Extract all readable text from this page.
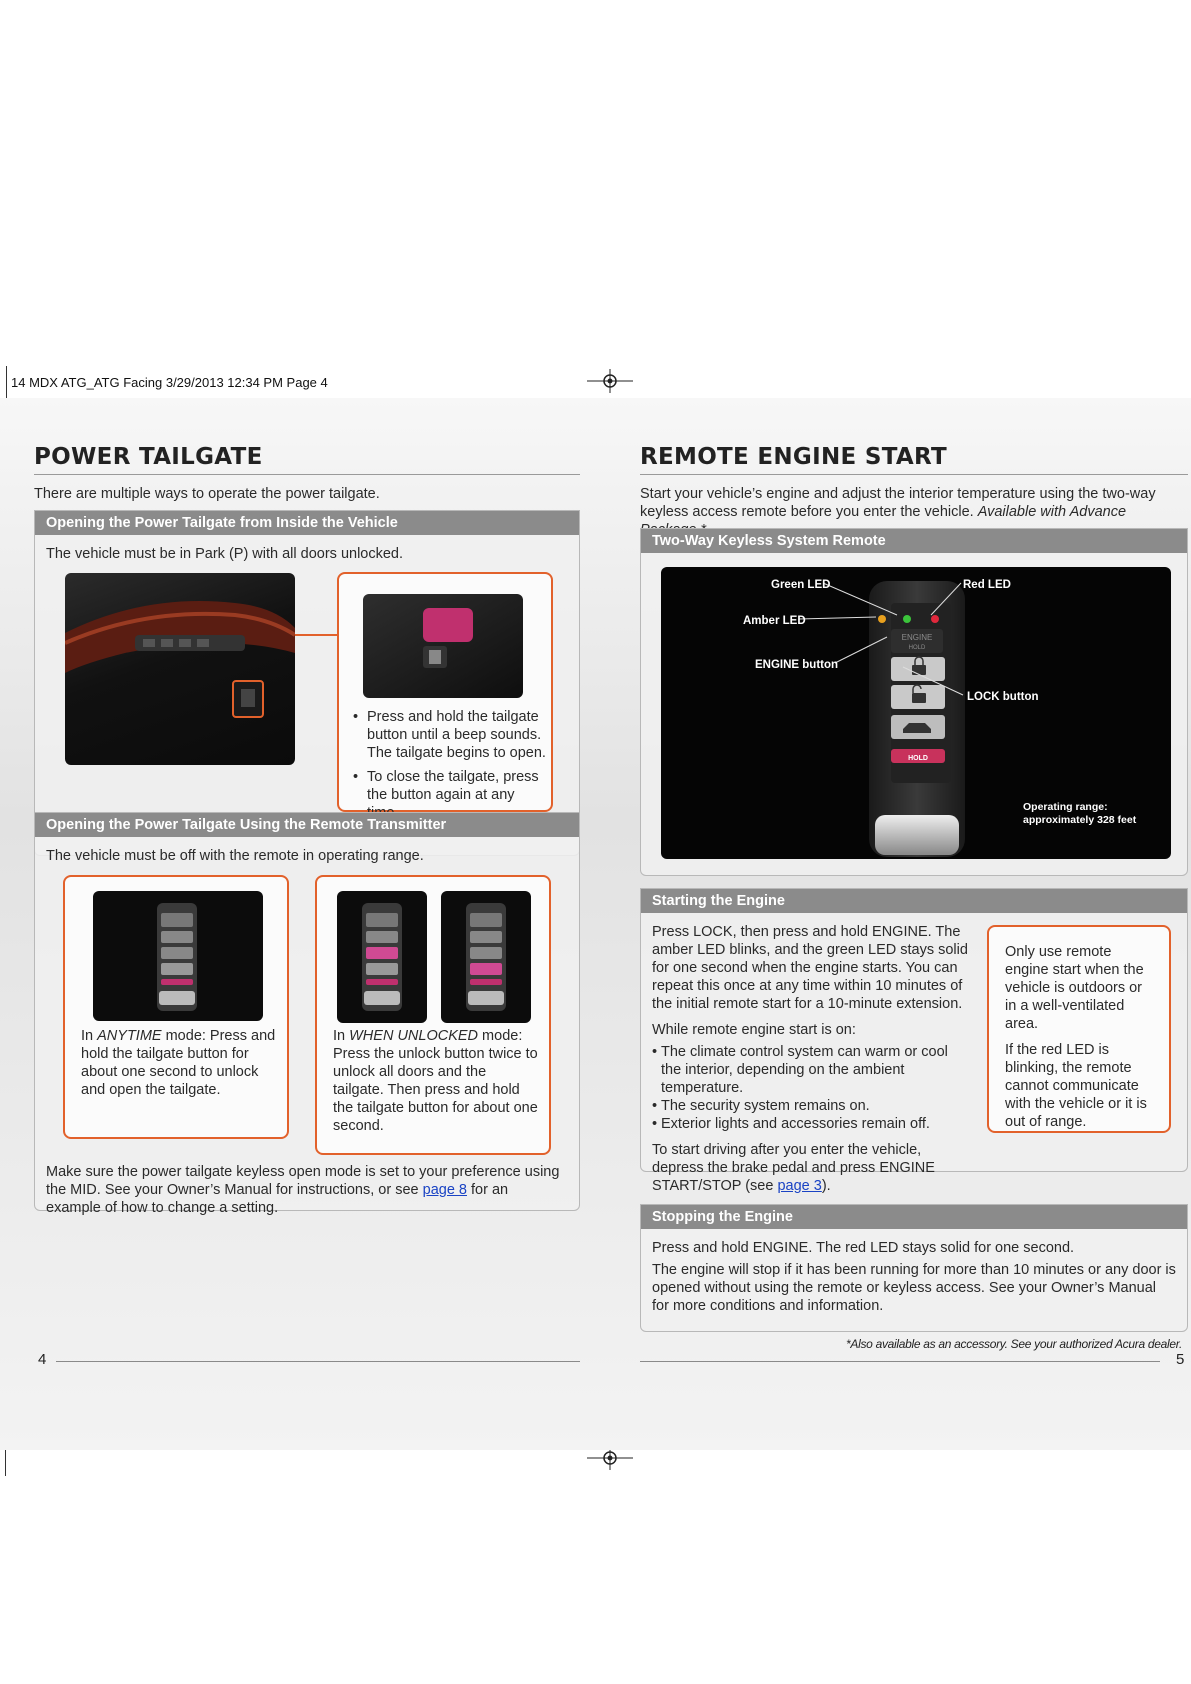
14 MDX ATG_ATG Facing 3/29/2013 12:34 PM Page 4
POWER TAILGATE

There are multiple ways to operate the power tailgate.

Opening the Power Tailgate from Inside the Vehicle

The vehicle must be in Park (P) with all doors unlocked.

• Press and hold the tailgate button until a beep sounds. The tailgate begins to open.
• To close the tailgate, press the button again at any
Opening the Power Tailgate Using the Remote Transmitter

The vehicle must be off with the remote in operating range.

In ANYTIME mode: Press and hold the tailgate button for about one second to unlock and open the tailgate.

In WHEN UNLOCKED mode: Press the unlock button twice to unlock all doors and the tailgate. Then press and hold the tailgate button for about one second.

Make sure the power tailgate keyless open mode is set to your preference using the MID. See your Owner’s Manual for instructions, or see page 8 for an example of how to change a setting.

4
REMOTE ENGINE START

Start your vehicle’s engine and adjust the interior temperature using the two-way keyless access remote before you enter the vehicle. Available with Advance

Two-Way Keyless System Remote
ENGINE
HOLD
HOLD
Green LED	Red LED
Amber LED
ENGINE button
LOCK button
Operating range:
approximately 328 feet
Starting the Engine

Press LOCK, then press and hold ENGINE. The amber LED blinks, and the green LED stays solid for one second when the engine starts. You can repeat this once at any time within 10 minutes of the initial remote start for a 10-minute extension.

While remote engine start is on:

• The climate control system can warm or cool the interior, depending on the ambient temperature.
• The security system remains on.
• Exterior lights and accessories remain off.

To start driving after you enter the vehicle, depress the brake pedal and press ENGINE START/STOP (see page 3).

Only use remote engine start when the vehicle is outdoors or in a well-ventilated area.

If the red LED is blinking, the remote cannot communicate with the vehicle or it is out of range.

Stopping the Engine

Press and hold ENGINE. The red LED stays solid for one second.

The engine will stop if it has been running for more than 10 minutes or any door is opened without using the remote or keyless access. See your Owner’s Manual for more conditions and information.

*Also available as an accessory. See your authorized Acura dealer.
5
